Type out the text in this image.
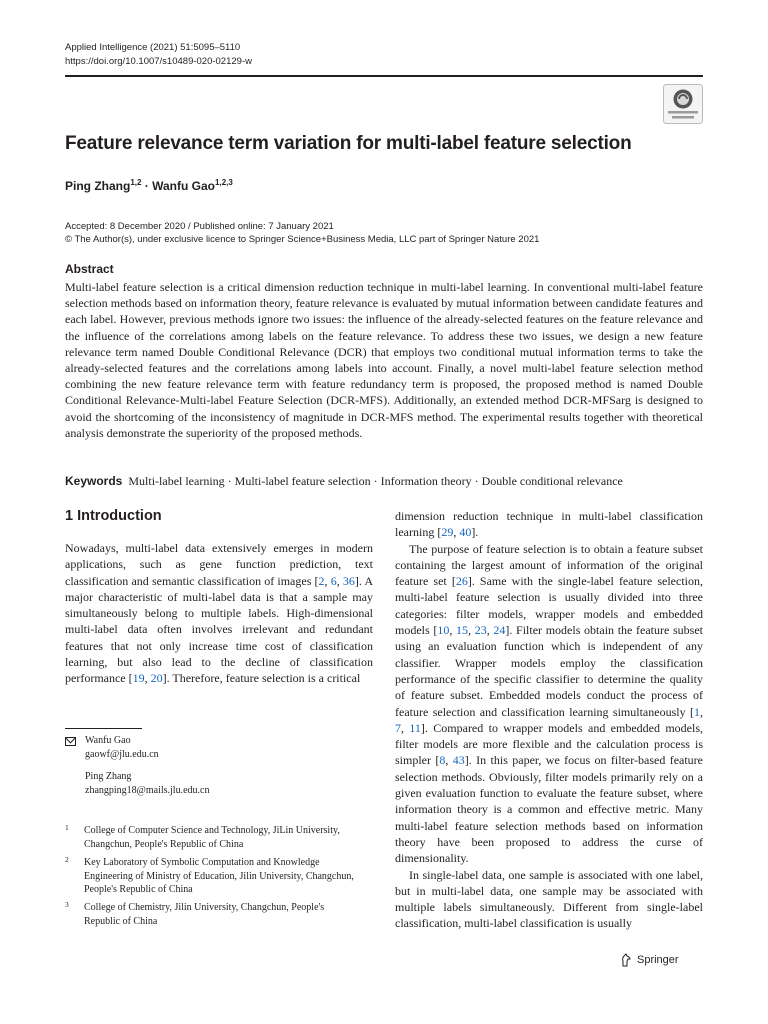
Applied Intelligence (2021) 51:5095–5110
https://doi.org/10.1007/s10489-020-02129-w
Feature relevance term variation for multi-label feature selection
Ping Zhang$^{1,2}$ · Wanfu Gao$^{1,2,3}$
Accepted: 8 December 2020 / Published online: 7 January 2021
© The Author(s), under exclusive licence to Springer Science+Business Media, LLC part of Springer Nature 2021
Abstract
Multi-label feature selection is a critical dimension reduction technique in multi-label learning. In conventional multi-label feature selection methods based on information theory, feature relevance is evaluated by mutual information between candidate features and each label. However, previous methods ignore two issues: the influence of the already-selected features on the feature relevance and the influence of the correlations among labels on the feature relevance. To address these two issues, we design a new feature relevance term named Double Conditional Relevance (DCR) that employs two conditional mutual information terms to take the already-selected features and the correlations among labels into account. Finally, a novel multi-label feature selection method combining the new feature relevance term with feature redundancy term is proposed, the proposed method is named Double Conditional Relevance-Multi-label Feature Selection (DCR-MFS). Additionally, an extended method DCR-MFSarg is designed to avoid the shortcoming of the inconsistency of magnitude in DCR-MFS method. The experimental results together with theoretical analysis demonstrate the superiority of the proposed methods.
Keywords Multi-label learning · Multi-label feature selection · Information theory · Double conditional relevance
1 Introduction

Nowadays, multi-label data extensively emerges in modern applications, such as gene function prediction, text classification and semantic classification of images [2, 6, 36]. A major characteristic of multi-label data is that a sample may simultaneously belong to multiple labels. High-dimensional multi-label data often involves irrelevant and redundant features that not only increase time cost of classification learning, but also lead to the decline of classification performance [19, 20]. Therefore, feature selection is a critical

dimension reduction technique in multi-label classification learning [29, 40].

The purpose of feature selection is to obtain a feature subset containing the largest amount of information of the original feature set [26]. Same with the single-label feature selection, multi-label feature selection is usually divided into three categories: filter models, wrapper models and embedded models [10, 15, 23, 24]. Filter models obtain the feature subset using an evaluation function which is independent of any classifier. Wrapper models employ the classification performance of the specific classifier to determine the quality of feature subset. Embedded models conduct the process of feature selection and classification learning simultaneously [1, 7, 11]. Compared to wrapper models and embedded models, filter models are more flexible and the calculation process is simpler [8, 43]. In this paper, we focus on filter-based feature selection methods. Obviously, filter models primarily rely on a given evaluation function to evaluate the feature subset, where information theory is a common and effective metric. Many multi-label feature selection methods based on information theory have been proposed to address the curse of dimensionality.

In single-label data, one sample is associated with one label, but in multi-label data, one sample may be associated with multiple labels simultaneously. Different from single-label classification, multi-label classification is usually

Wanfu Gao
gaowf@jlu.edu.cn
Ping Zhang
zhangping18@mails.jlu.edu.cn
1	College of Computer Science and Technology, JiLin University, Changchun, People's Republic of China
2	Key Laboratory of Symbolic Computation and Knowledge Engineering of Ministry of Education, Jilin University, Changchun, People's Republic of China
3	College of Chemistry, Jilin University, Changchun, People's Republic of China
Springer
